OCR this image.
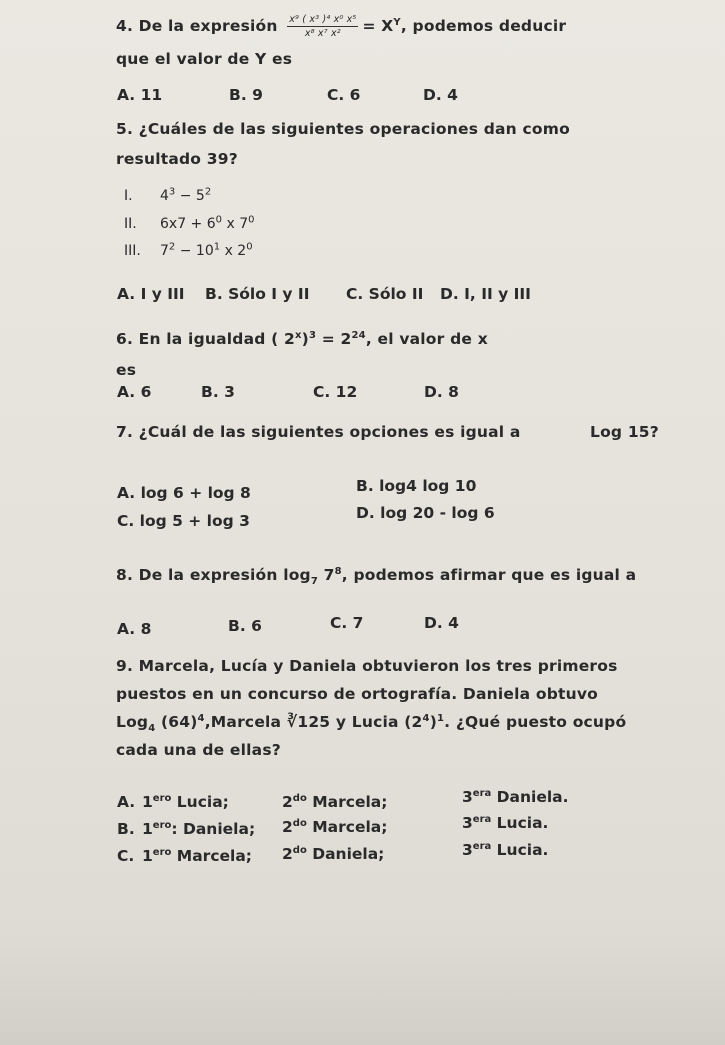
4. De la expresión $\frac{\text{x⁹ ( x³ )⁴ x⁰ x⁵}}{\text{x⁸ x⁷ x²}} = X^Y$, podemos deducir
que el valor de Y es
A. 11	B. 9	C. 6	D. 4
5. ¿Cuáles de las siguientes operaciones dan como
resultado 39?
I. $4^3 - 5^2$
II. $6x7 + 6^0$ x $7^0$
III. $7^2 - 10^1$ x $2^0$
A. I y III B. Sólo I y II C. Sólo II D. I, II y III
6. En la igualdad ( $2^x)^3 = 2^{24}$, el valor de x
es
A. 6	B. 3	C. 12	D. 8
7. ¿Cuál de las siguientes opciones es igual a	Log 15?
A. log 6 + log 8	B. log4 log 10
C. log 5 + log 3	D. log 20 - log 6
8. De la expresión $\log_7 7^8$, podemos afirmar que es igual a
A. 8	B. 6	C. 7	D. 4
9. Marcela, Lucía y Daniela obtuvieron los tres primeros
puestos en un concurso de ortografía. Daniela obtuvo
Log$_4$ $(64)^4,Marcela$ ∛125 y Lucia $(2^4)^1$. ¿Qué puesto ocupó
cada una de ellas?
A. $1^{ero}$ Lucia;	$2^{do}$ Marcela;	$3^{era}$ Daniela.
B. $1^{ero}$: Daniela; $2^{do}$ Marcela;	$3^{era}$ Lucia.
C. $1^{ero}$ Marcela; $2^{do}$ Daniela;	$3^{era}$ Lucia.
